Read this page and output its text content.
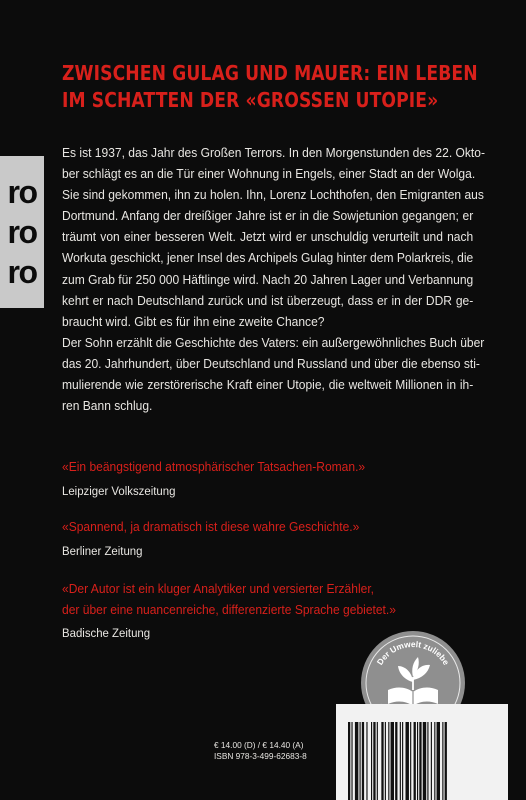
ZWISCHEN GULAG UND MAUER: EIN LEBEN
IM SCHATTEN DER «GROSSEN UTOPIE»
Es ist 1937, das Jahr des Großen Terrors. In den Morgenstunden des 22. Okto-
ber schlägt es an die Tür einer Wohnung in Engels, einer Stadt an der Wolga.
Sie sind gekommen, ihn zu holen. Ihn, Lorenz Lochthofen, den Emigranten aus
Dortmund. Anfang der dreißiger Jahre ist er in die Sowjetunion gegangen; er
träumt von einer besseren Welt. Jetzt wird er unschuldig verurteilt und nach
Workuta geschickt, jener Insel des Archipels Gulag hinter dem Polarkreis, die
zum Grab für 250 000 Häftlinge wird. Nach 20 Jahren Lager und Verbannung
kehrt er nach Deutschland zurück und ist überzeugt, dass er in der DDR ge-
braucht wird. Gibt es für ihn eine zweite Chance?
Der Sohn erzählt die Geschichte des Vaters: ein außergewöhnliches Buch über
das 20. Jahrhundert, über Deutschland und Russland und über die ebenso sti-
mulierende wie zerstörerische Kraft einer Utopie, die weltweit Millionen in ih-
ren Bann schlug.
«Ein beängstigend atmosphärischer Tatsachen-Roman.»
Leipziger Volkszeitung
«Spannend, ja dramatisch ist diese wahre Geschichte.»
Berliner Zeitung
«Der Autor ist ein kluger Analytiker und versierter Erzähler,
der über eine nuancenreiche, differenzierte Sprache gebietet.»
Badische Zeitung
ro
ro
ro
Der Umwelt zuliebe
€ 14.00 (D) / € 14.40 (A)
ISBN 978-3-499-62683-8
